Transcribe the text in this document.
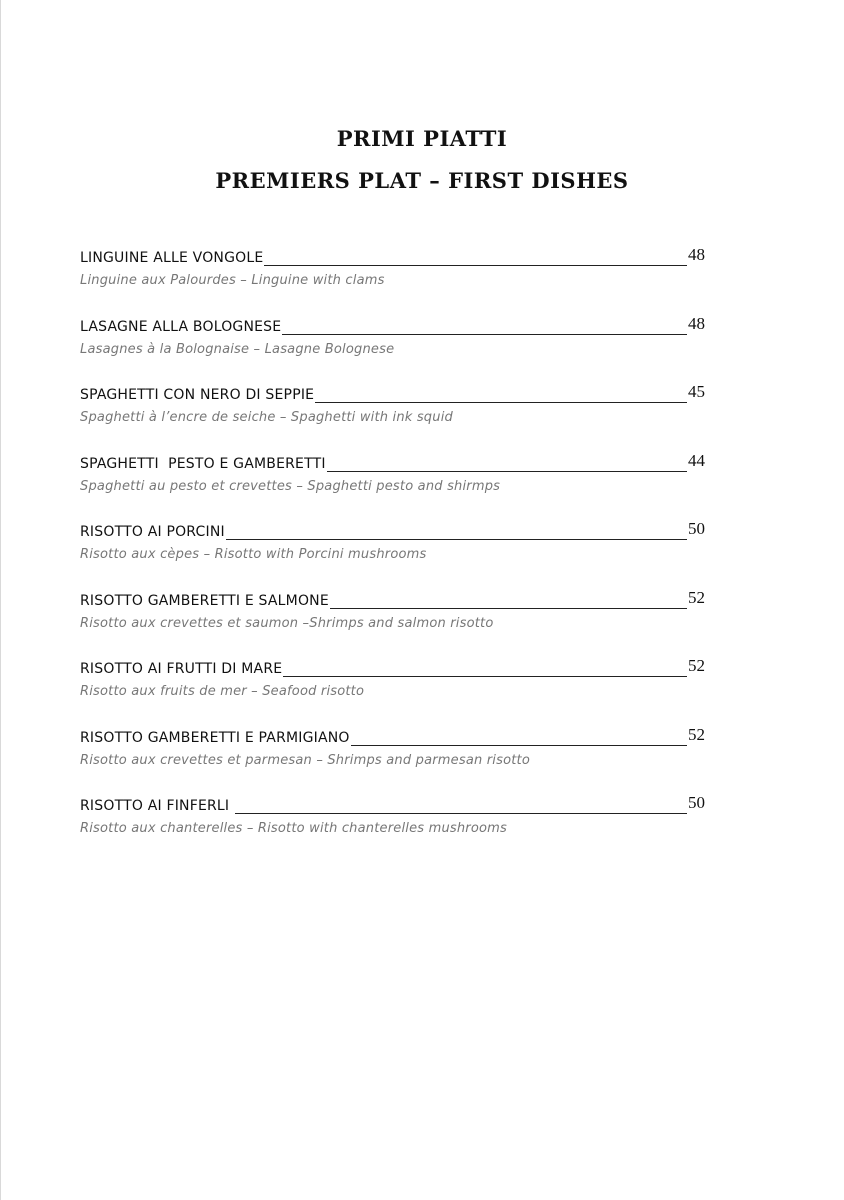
PRIMI PIATTI
PREMIERS PLAT – FIRST DISHES
LINGUINE ALLE VONGOLE	48
Linguine aux Palourdes – Linguine with clams
LASAGNE ALLA BOLOGNESE	48
Lasagnes à la Bolognaise – Lasagne Bolognese
SPAGHETTI CON NERO DI SEPPIE	45
Spaghetti à l’encre de seiche – Spaghetti with ink squid
SPAGHETTI  PESTO E GAMBERETTI	44
Spaghetti au pesto et crevettes – Spaghetti pesto and shirmps
RISOTTO AI PORCINI	50
Risotto aux cèpes – Risotto with Porcini mushrooms
RISOTTO GAMBERETTI E SALMONE	52
Risotto aux crevettes et saumon –Shrimps and salmon risotto
RISOTTO AI FRUTTI DI MARE	52
Risotto aux fruits de mer – Seafood risotto
RISOTTO GAMBERETTI E PARMIGIANO	52
Risotto aux crevettes et parmesan – Shrimps and parmesan risotto
RISOTTO AI FINFERLI	50
Risotto aux chanterelles – Risotto with chanterelles mushrooms
